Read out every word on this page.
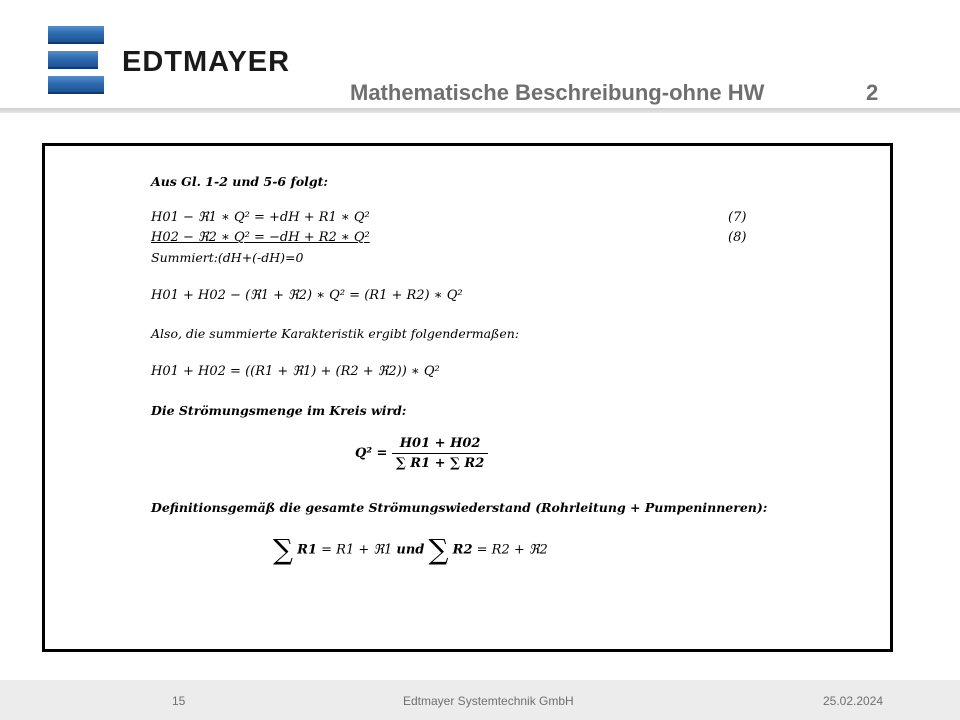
EDTMAYER
Mathematische Beschreibung-ohne HW	2
Aus Gl. 1-2 und 5-6 folgt:
H01 − ℜ1 ∗ Q² = +dH + R1 ∗ Q²	(7)
H02 − ℜ2 ∗ Q² = −dH + R2 ∗ Q²	(8)
Summiert:(dH+(-dH)=0
H01 + H02 − (ℜ1 + ℜ2) ∗ Q² = (R1 + R2) ∗ Q²
Also, die summierte Karakteristik ergibt folgendermaßen:
H01 + H02 = ((R1 + ℜ1) + (R2 + ℜ2)) ∗ Q²
Die Strömungsmenge im Kreis wird:
$Q^2 = \frac{H01 + H02}{\sum R1 + \sum R2}$
Definitionsgemäß die gesamte Strömungswiederstand (Rohrleitung + Pumpeninneren):
∑ R1 = R1 + ℜ1 und ∑ R2 = R2 + ℜ2
15	Edtmayer Systemtechnik GmbH	25.02.2024
